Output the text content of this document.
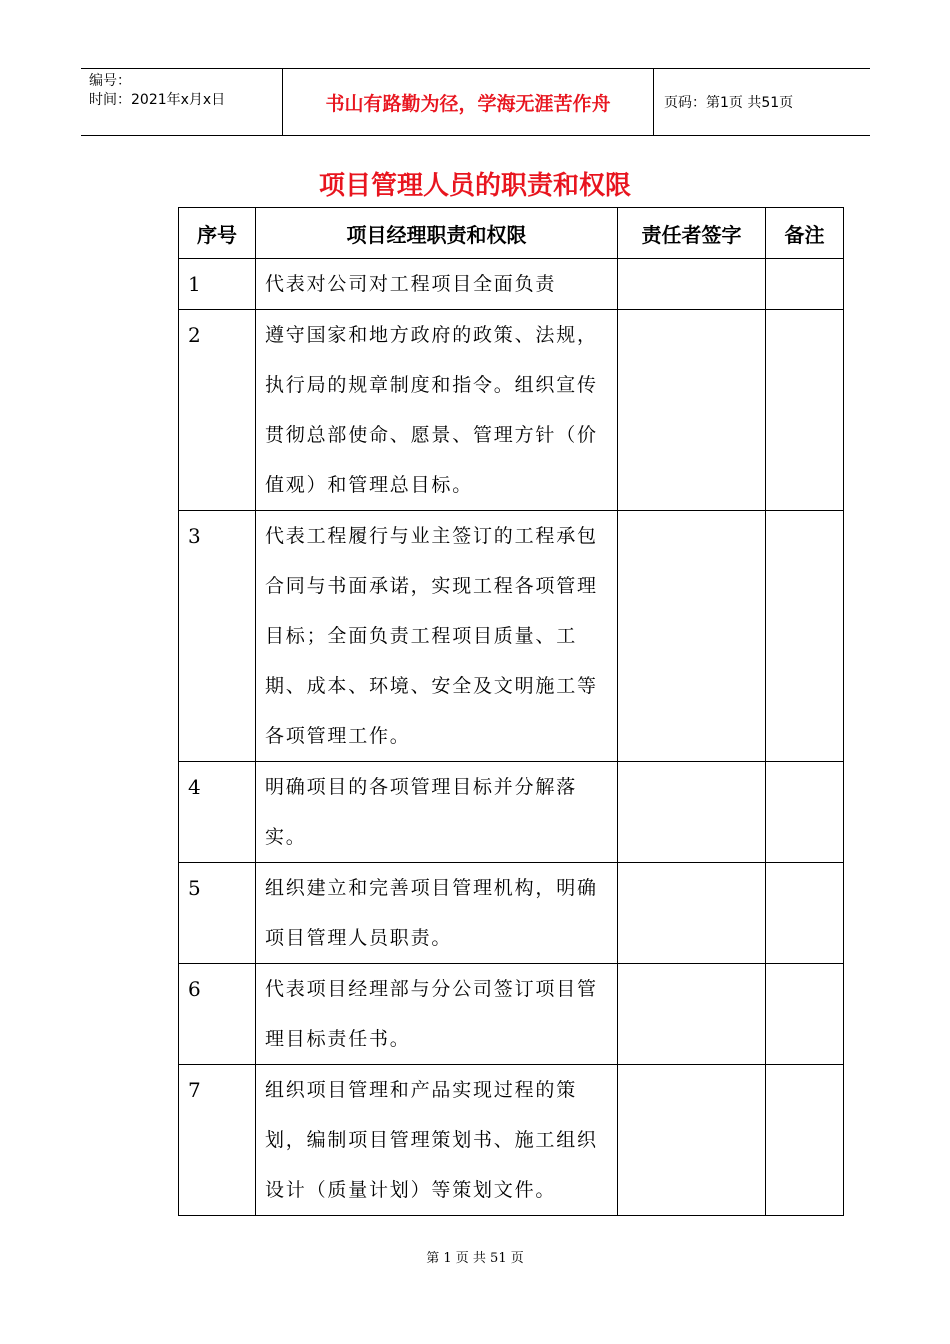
编号：
时间：2021年x月x日	书山有路勤为径，学海无涯苦作舟	页码：第1页 共51页
项目管理人员的职责和权限
序号	项目经理职责和权限	责任者签字	备注
1	代表对公司对工程项目全面负责		
2	遵守国家和地方政府的政策、法规，执行局的规章制度和指令。组织宣传贯彻总部使命、愿景、管理方针（价值观）和管理总目标。		
3	代表工程履行与业主签订的工程承包合同与书面承诺，实现工程各项管理目标；全面负责工程项目质量、工期、成本、环境、安全及文明施工等各项管理工作。		
4	明确项目的各项管理目标并分解落实。		
5	组织建立和完善项目管理机构，明确项目管理人员职责。		
6	代表项目经理部与分公司签订项目管理目标责任书。		
7	组织项目管理和产品实现过程的策划，编制项目管理策划书、施工组织设计（质量计划）等策划文件。		
第 1 页 共 51 页
